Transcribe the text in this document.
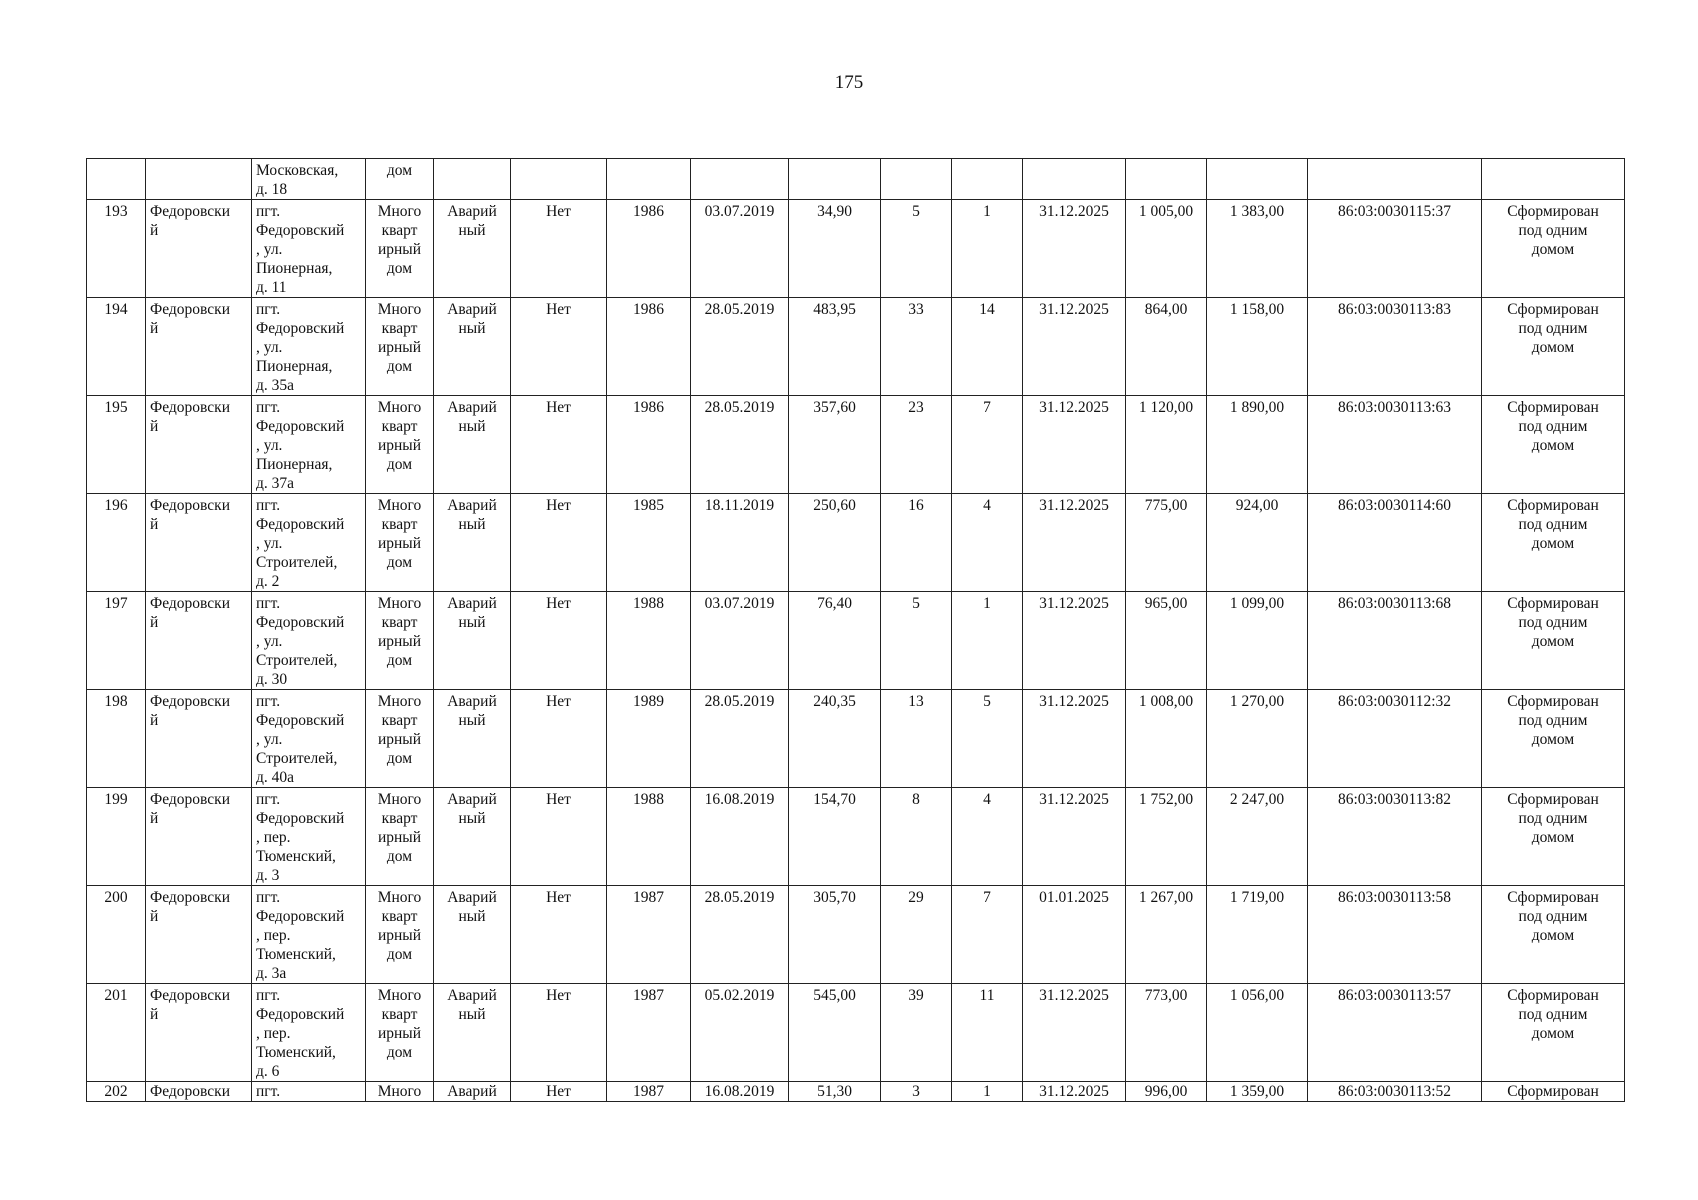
175
		Московская,
д. 18	дом												
193	Федоровски
й	пгт.
Федоровский
, ул.
Пионерная,
д. 11	Много
кварт
ирный
дом	Аварий
ный	Нет	1986	03.07.2019	34,90	5	1	31.12.2025	1 005,00	1 383,00	86:03:0030115:37	Сформирован
под одним
домом
194	Федоровски
й	пгт.
Федоровский
, ул.
Пионерная,
д. 35а	Много
кварт
ирный
дом	Аварий
ный	Нет	1986	28.05.2019	483,95	33	14	31.12.2025	864,00	1 158,00	86:03:0030113:83	Сформирован
под одним
домом
195	Федоровски
й	пгт.
Федоровский
, ул.
Пионерная,
д. 37а	Много
кварт
ирный
дом	Аварий
ный	Нет	1986	28.05.2019	357,60	23	7	31.12.2025	1 120,00	1 890,00	86:03:0030113:63	Сформирован
под одним
домом
196	Федоровски
й	пгт.
Федоровский
, ул.
Строителей,
д. 2	Много
кварт
ирный
дом	Аварий
ный	Нет	1985	18.11.2019	250,60	16	4	31.12.2025	775,00	924,00	86:03:0030114:60	Сформирован
под одним
домом
197	Федоровски
й	пгт.
Федоровский
, ул.
Строителей,
д. 30	Много
кварт
ирный
дом	Аварий
ный	Нет	1988	03.07.2019	76,40	5	1	31.12.2025	965,00	1 099,00	86:03:0030113:68	Сформирован
под одним
домом
198	Федоровски
й	пгт.
Федоровский
, ул.
Строителей,
д. 40а	Много
кварт
ирный
дом	Аварий
ный	Нет	1989	28.05.2019	240,35	13	5	31.12.2025	1 008,00	1 270,00	86:03:0030112:32	Сформирован
под одним
домом
199	Федоровски
й	пгт.
Федоровский
, пер.
Тюменский,
д. 3	Много
кварт
ирный
дом	Аварий
ный	Нет	1988	16.08.2019	154,70	8	4	31.12.2025	1 752,00	2 247,00	86:03:0030113:82	Сформирован
под одним
домом
200	Федоровски
й	пгт.
Федоровский
, пер.
Тюменский,
д. 3а	Много
кварт
ирный
дом	Аварий
ный	Нет	1987	28.05.2019	305,70	29	7	01.01.2025	1 267,00	1 719,00	86:03:0030113:58	Сформирован
под одним
домом
201	Федоровски
й	пгт.
Федоровский
, пер.
Тюменский,
д. 6	Много
кварт
ирный
дом	Аварий
ный	Нет	1987	05.02.2019	545,00	39	11	31.12.2025	773,00	1 056,00	86:03:0030113:57	Сформирован
под одним
домом
202	Федоровски	пгт.	Много	Аварий	Нет	1987	16.08.2019	51,30	3	1	31.12.2025	996,00	1 359,00	86:03:0030113:52	Сформирован
